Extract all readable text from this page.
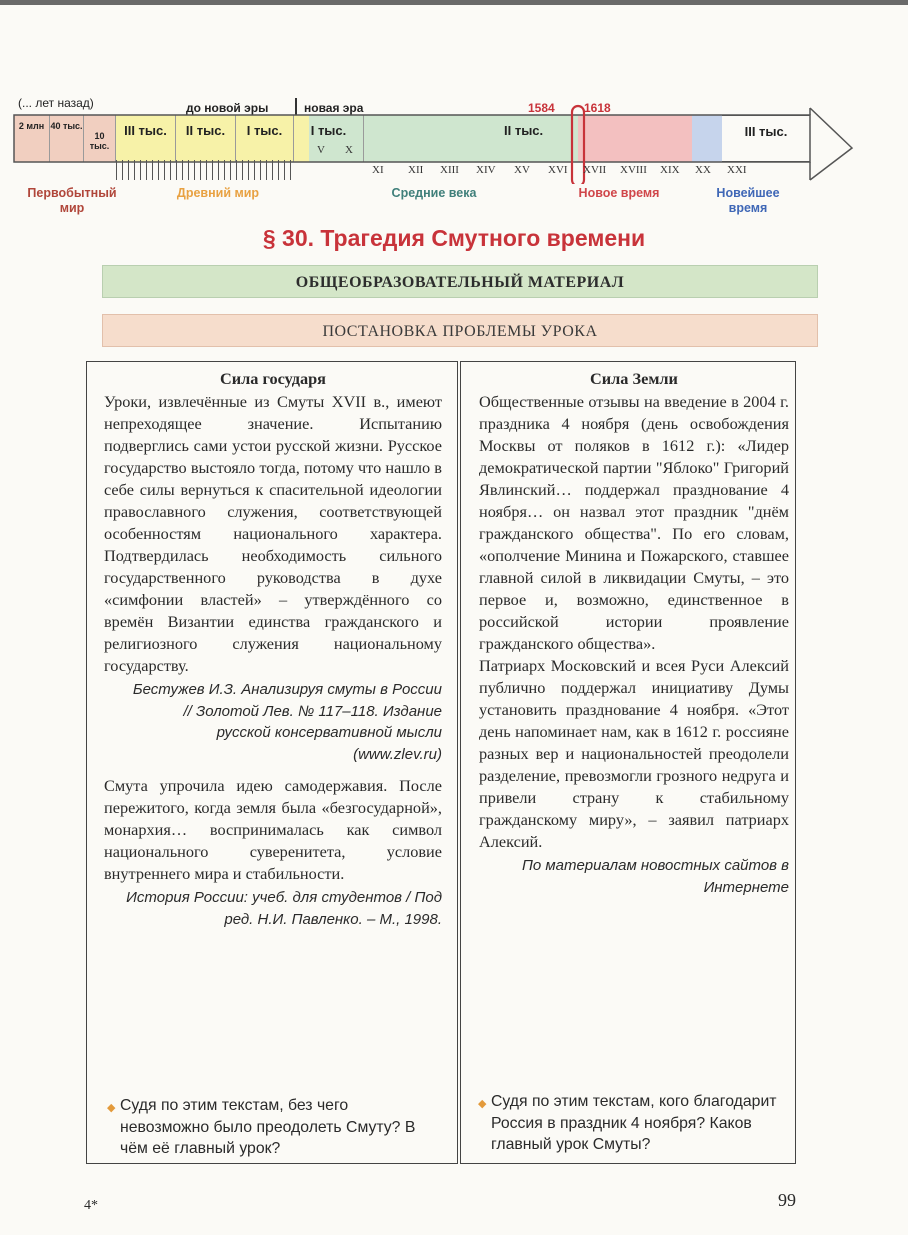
(... лет назад)	до новой эры	новая эра	1584 1618
2 млн 40 тыс.
10 тыс.
III тыс.	II тыс.	I тыс.	I тыс.	II тыс.	III тыс.
V X
XI XII XIII XIV XV XVI XVII XVIII XIX XX XXI
Первобытный мир
Древний мир	Средние века	Новое время	Новейшее время
§ 30. Трагедия Смутного времени
ОБЩЕОБРАЗОВАТЕЛЬНЫЙ МАТЕРИАЛ
ПОСТАНОВКА ПРОБЛЕМЫ УРОКА
Сила государя

Уроки, извлечённые из Смуты XVII в., имеют непреходящее значение. Испытанию подверглись сами устои русской жизни. Русское государство выстояло тогда, потому что нашло в себе силы вернуться к спасительной идеологии православного служения, соответствующей особенностям национального характера. Подтвердилась необходимость сильного государственного руководства в духе «симфонии властей» – утверждённого со времён Византии единства гражданского и религиозного служения национальному государству.

Бестужев И.З. Анализируя смуты в России // Золотой Лев. № 117–118. Издание русской консервативной мысли (www.zlev.ru)

Смута упрочила идею самодержавия. После пережитого, когда земля была «безгосударной», монархия… воспринималась как символ национального суверенитета, условие внутреннего мира и стабильности.

История России: учеб. для студентов / Под ред. Н.И. Павленко. – М., 1998.
◆ Судя по этим текстам, без чего невозможно было преодолеть Смуту? В чём её главный урок?
Сила Земли

Общественные отзывы на введение в 2004 г. праздника 4 ноября (день освобождения Москвы от поляков в 1612 г.): «Лидер демократической партии "Яблоко" Григорий Явлинский… поддержал празднование 4 ноября… он назвал этот праздник "днём гражданского общества". По его словам, «ополчение Минина и Пожарского, ставшее главной силой в ликвидации Смуты, – это первое и, возможно, единственное в российской истории проявление гражданского общества».

Патриарх Московский и всея Руси Алексий публично поддержал инициативу Думы установить празднование 4 ноября. «Этот день напоминает нам, как в 1612 г. россияне разных вер и национальностей преодолели разделение, превозмогли грозного недруга и привели страну к стабильному гражданскому миру», – заявил патриарх Алексий.

По материалам новостных сайтов в Интернете
◆ Судя по этим текстам, кого благодарит Россия в праздник 4 ноября? Каков главный урок Смуты?
4*	99
